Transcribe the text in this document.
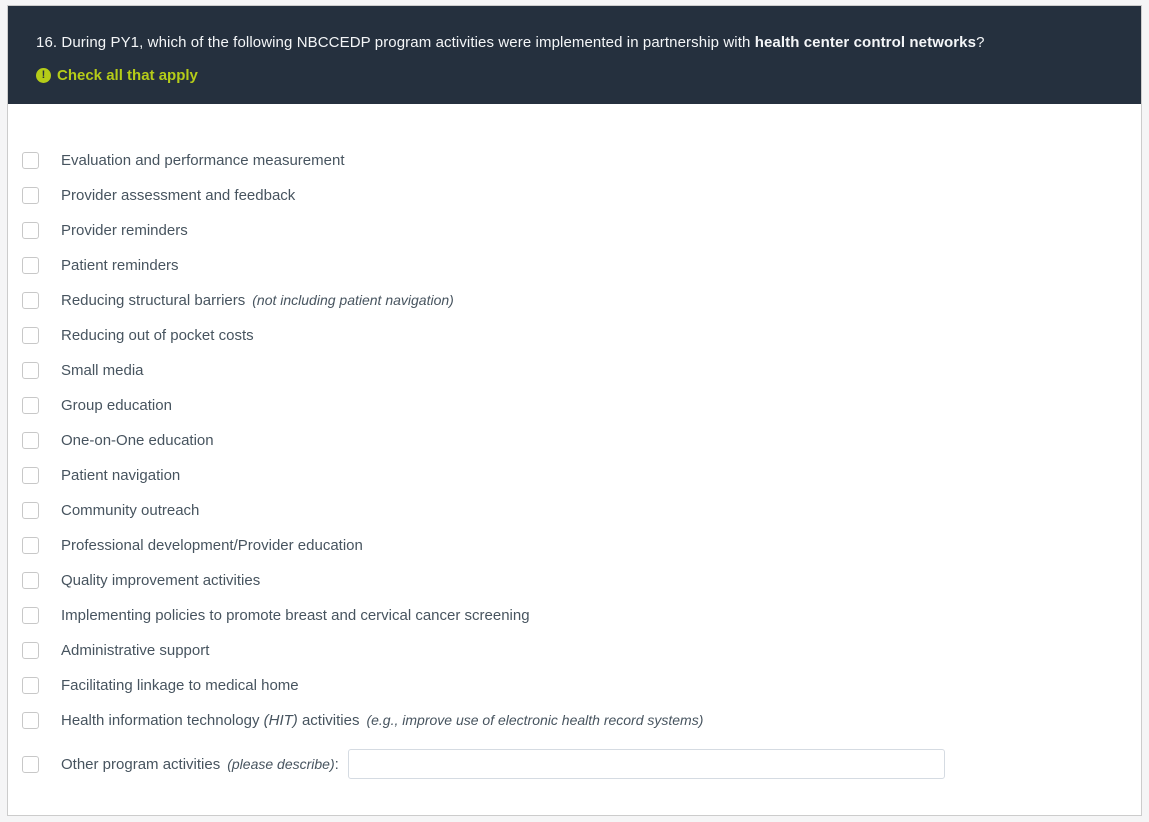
16. During PY1, which of the following NBCCEDP program activities were implemented in partnership with health center control networks?
! Check all that apply
Evaluation and performance measurement
Provider assessment and feedback
Provider reminders
Patient reminders
Reducing structural barriers (not including patient navigation)
Reducing out of pocket costs
Small media
Group education
One-on-One education
Patient navigation
Community outreach
Professional development/Provider education
Quality improvement activities
Implementing policies to promote breast and cervical cancer screening
Administrative support
Facilitating linkage to medical home
Health information technology (HIT) activities (e.g., improve use of electronic health record systems)
Other program activities (please describe):
